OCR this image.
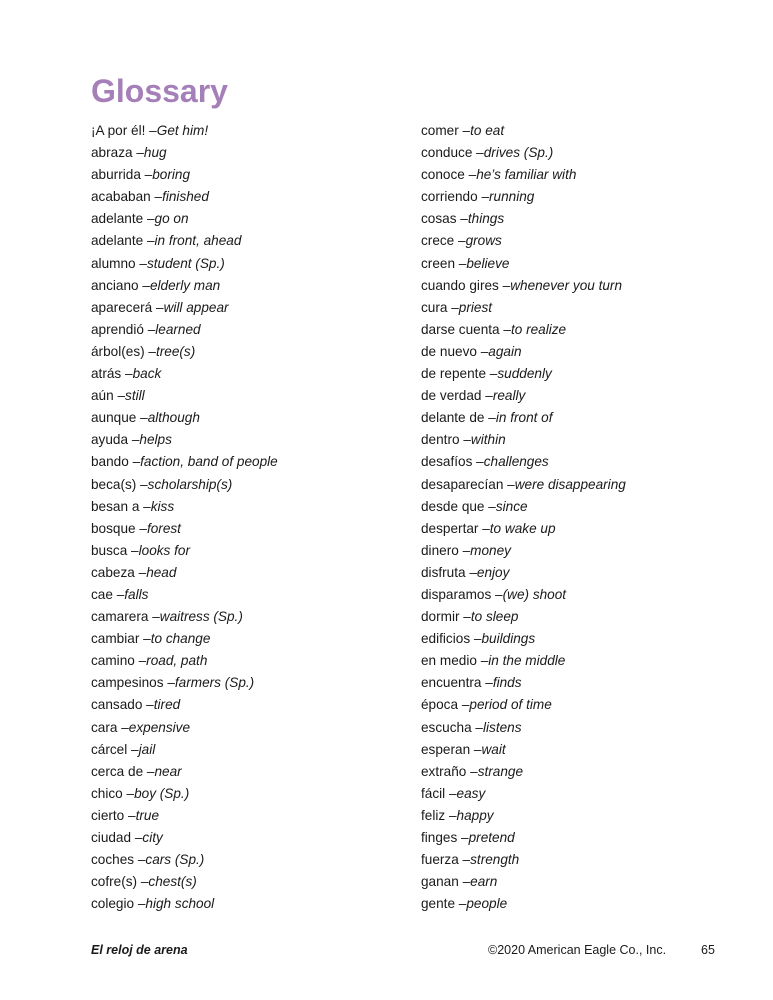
Glossary
¡A por él! – Get him!
abraza – hug
aburrida – boring
acababan – finished
adelante – go on
adelante – in front, ahead
alumno – student (Sp.)
anciano – elderly man
aparecerá – will appear
aprendió – learned
árbol(es) – tree(s)
atrás – back
aún – still
aunque – although
ayuda – helps
bando – faction, band of people
beca(s) – scholarship(s)
besan a – kiss
bosque – forest
busca – looks for
cabeza – head
cae – falls
camarera – waitress (Sp.)
cambiar – to change
camino – road, path
campesinos – farmers (Sp.)
cansado – tired
cara – expensive
cárcel – jail
cerca de – near
chico – boy (Sp.)
cierto – true
ciudad – city
coches – cars (Sp.)
cofre(s) – chest(s)
colegio – high school
comer – to eat
conduce – drives (Sp.)
conoce – he’s familiar with
corriendo – running
cosas – things
crece – grows
creen – believe
cuando gires – whenever you turn
cura – priest
darse cuenta – to realize
de nuevo – again
de repente – suddenly
de verdad – really
delante de – in front of
dentro – within
desafíos – challenges
desaparecían – were disappearing
desde que – since
despertar – to wake up
dinero – money
disfruta – enjoy
disparamos – (we) shoot
dormir – to sleep
edificios – buildings
en medio – in the middle
encuentra – finds
época – period of time
escucha – listens
esperan – wait
extraño – strange
fácil – easy
feliz – happy
finges – pretend
fuerza – strength
ganan – earn
gente – people
El reloj de arena	©2020 American Eagle Co., Inc.	65
